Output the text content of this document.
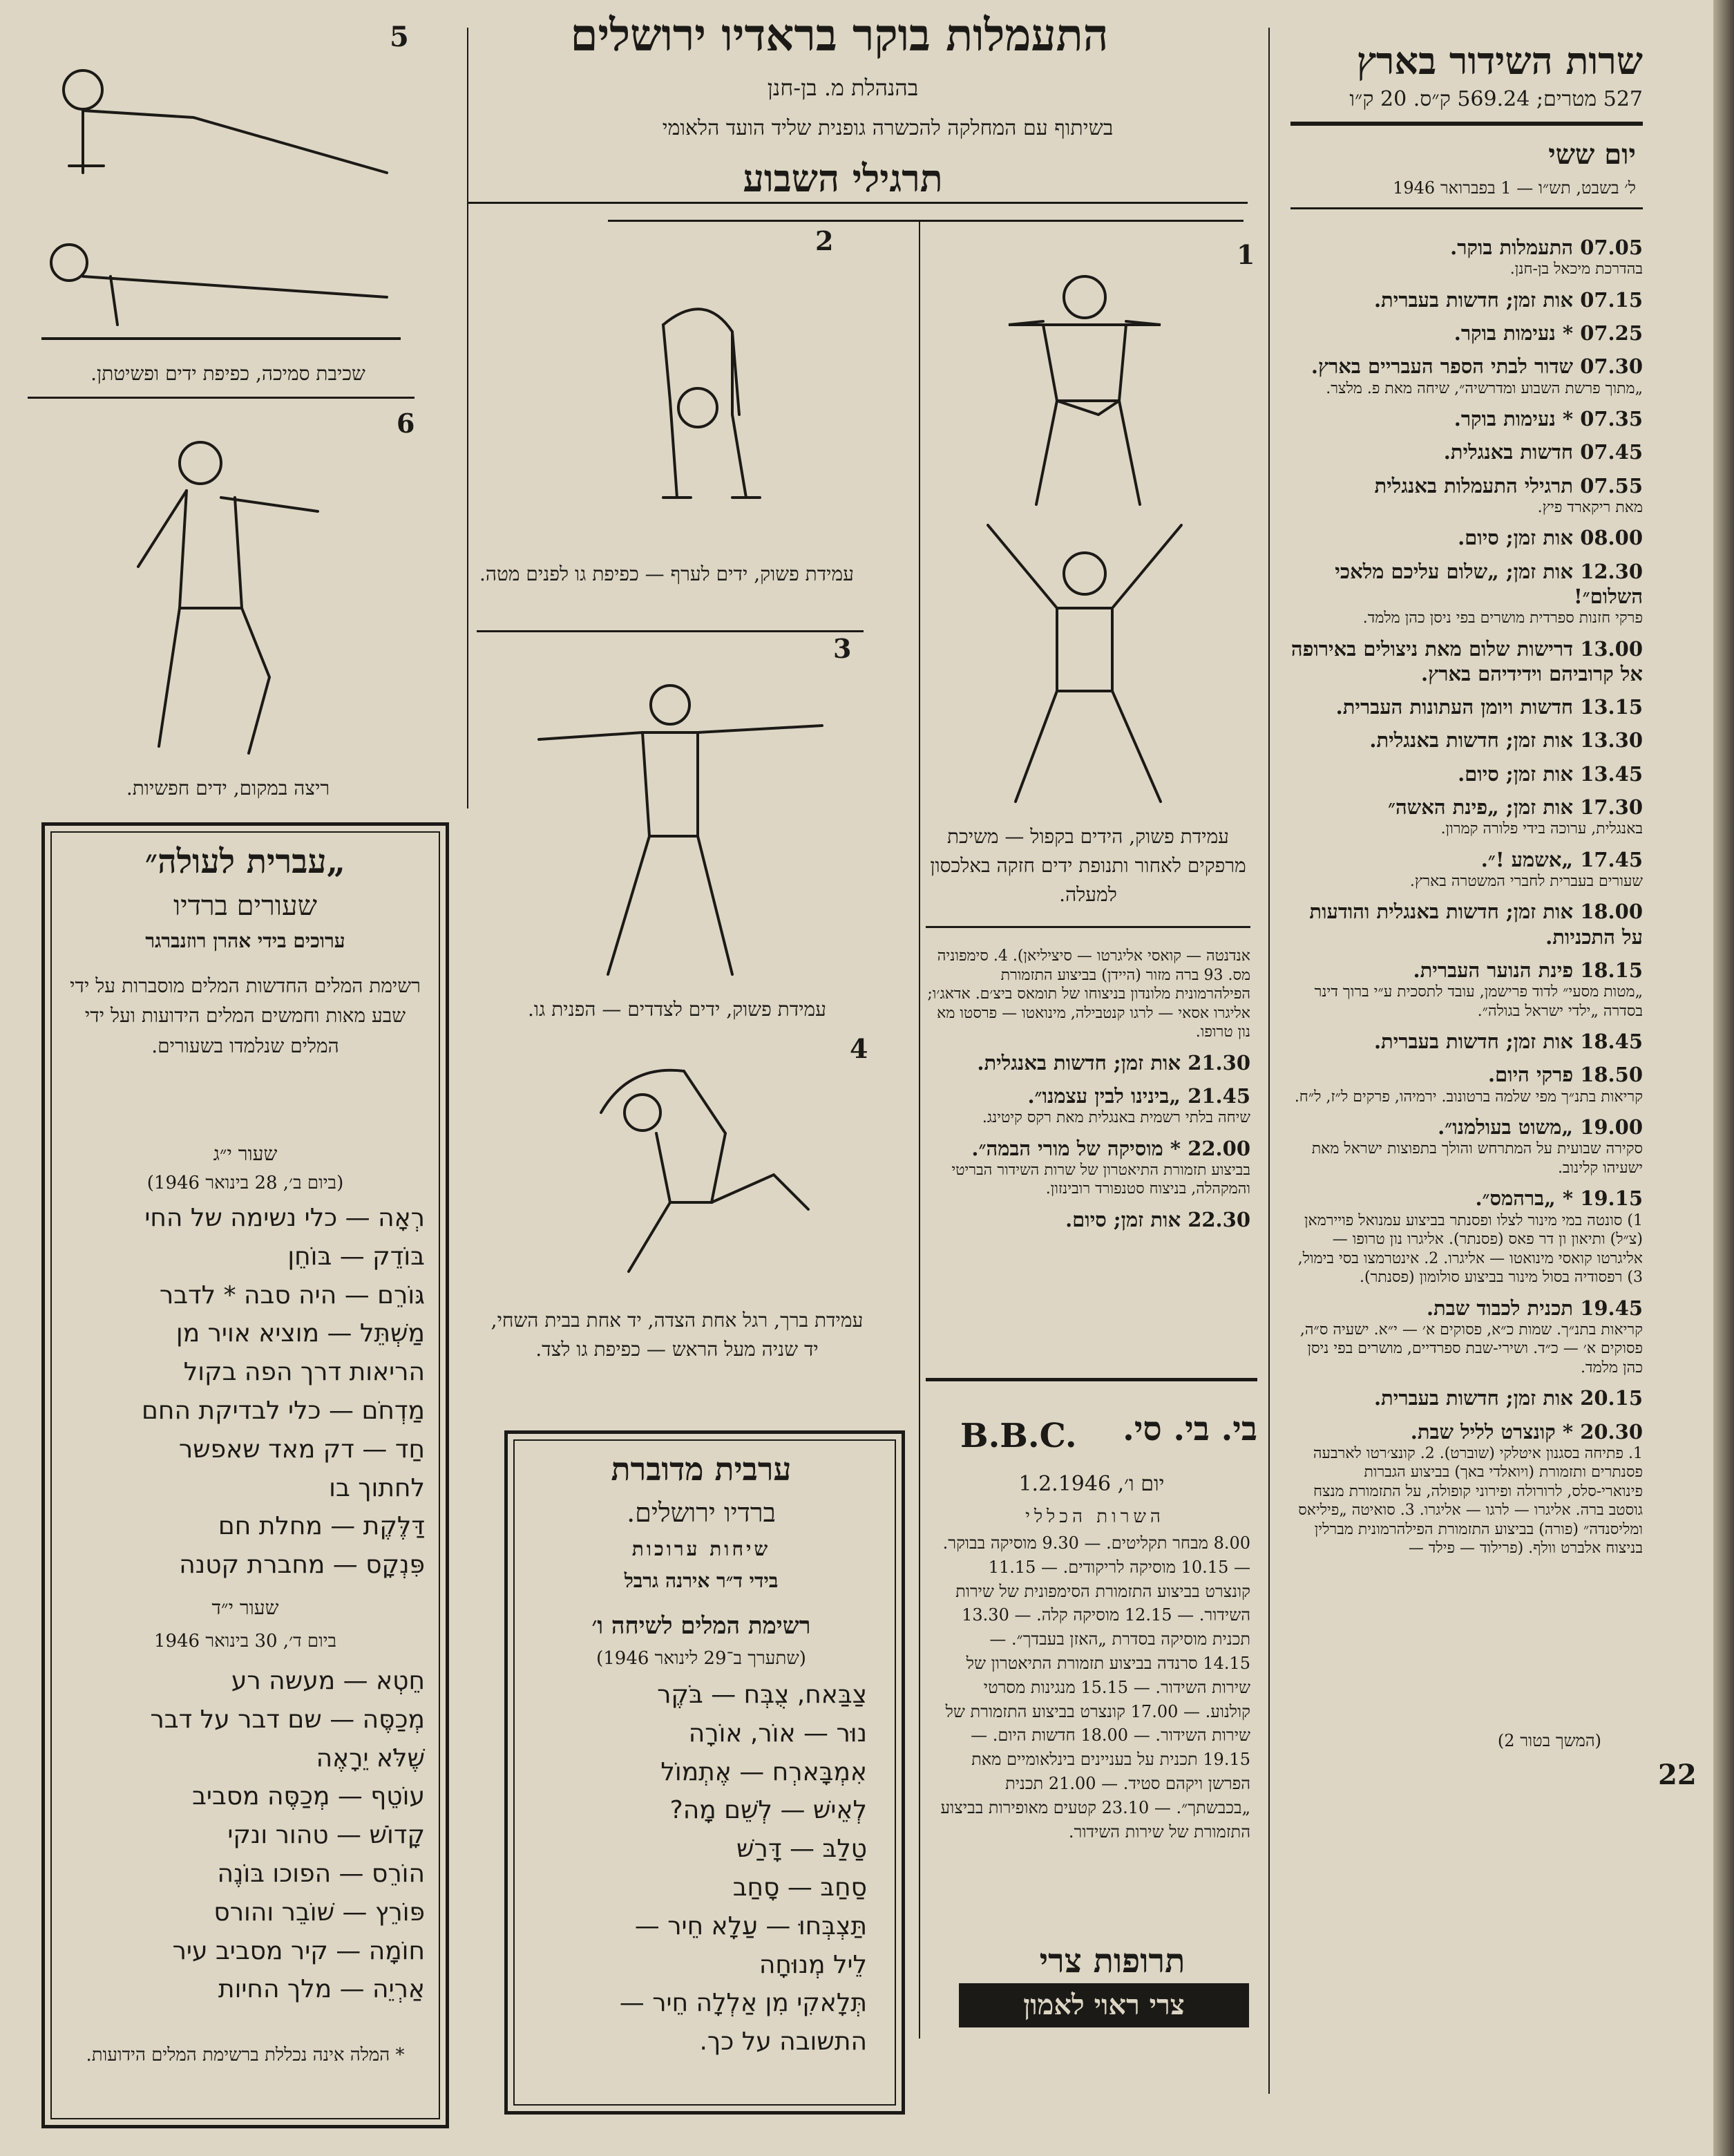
שרות השידור בארץ
527 מטרים; 569.24 ק״ס. 20 ק״ו
יום ששי
ל׳ בשבט, תש״ו — 1 בפברואר 1946
07.05 התעמלות בוקר.
בהדרכת מיכאל בן-חנן.
07.15 אות זמן; חדשות בעברית.
07.25 * נעימות בוקר.
07.30 שדור לבתי הספר העבריים בארץ.
„מתוך פרשת השבוע ומדרשיה״, שיחה מאת פ. מלצר.
07.35 * נעימות בוקר.
07.45 חדשות באנגלית.
07.55 תרגילי התעמלות באנגלית
מאת ריקארד פיץ.
08.00 אות זמן; סיום.
12.30 אות זמן; „שלום עליכם מלאכי השלום״!
פרקי חזנות ספרדית מושרים בפי ניסן כהן מלמד.
13.00 דרישות שלום מאת ניצולים באירופה אל קרוביהם וידידיהם בארץ.
13.15 חדשות ויומן העתונות העברית.
13.30 אות זמן; חדשות באנגלית.
13.45 אות זמן; סיום.
17.30 אות זמן; „פינת האשה״
באנגלית, ערוכה בידי פלורה קמרון.
17.45 „אשמע !״.
שעורים בעברית לחברי המשטרה בארץ.
18.00 אות זמן; חדשות באנגלית והודעות על התכניות.
18.15 פינת הנוער העברית.
„מטות מסעי״ לדוד פרישמן, עובד לתסכית ע״י ברוך דינר בסדרה „ילדי ישראל בגולה״.
18.45 אות זמן; חדשות בעברית.
18.50 פרקי היום.
קריאות בתנ״ך מפי שלמה ברטונוב. ירמיהו, פרקים ל״ז, ל״ח.
19.00 „משוט בעולמנו״.
סקירה שבועית על המתרחש והולך בתפוצות ישראל מאת ישעיהו קלינוב.
19.15 * „ברהמס״.
1) סונטה במי מינור לצלו ופסנתר בביצוע עמנואל פויירמאן (צ״ל) ותיאון ון דר פאס (פסנתר). אליגרו נון טרופו — אליגרטו קואסי מינואטו — אליגרו. 2. אינטרמצו בסי בימול, 3) רפסודיה בסול מינור בביצוע סולומון (פסנתר).
19.45 תכנית לכבוד שבת.
קריאות בתנ״ך. שמות כ״א, פסוקים א׳ — י״א. ישעיה ס״ה, פסוקים א׳ — כ״ד. ושירי-שבת ספרדיים, מושרים בפי ניסן כהן מלמד.
20.15 אות זמן; חדשות בעברית.
20.30 * קונצרט לליל שבת.
1. פתיחה בסגנון איטלקי (שוברט). 2. קונצ׳רטו לארבעה פסנתרים ותזמורת (ויואלדי באך) בביצוע הגברות פינוארי-סלס, לרורולה ופירוני קופולה, על התזמורת מנצח גוסטב ברה. אליגרו — לרגו — אליגרו. 3. סואיטה „פיליאס ומליסנדה״ (פורה) בביצוע התזמורת הפילהרמונית מברלין בניצוח אלברט וולף. (פרילוד — פילד —
(המשך בטור 2)
22
התעמלות בוקר בראדיו ירושלים
בהנהלת מ. בן-חנן
בשיתוף עם המחלקה להכשרה גופנית שליד הועד הלאומי
תרגילי השבוע
5
1
עמידת פשוק, הידים בקפול — משיכת מרפקים לאחור ותנופת ידים חזקה באלכסון למעלה.
2
עמידת פשוק, ידים לערף — כפיפת גו לפנים מטה.
3
עמידת פשוק, ידים לצדדים — הפנית גו.
4
עמידת ברך, רגל אחת הצדה, יד אחת בבית השחי, יד שניה מעל הראש — כפיפת גו לצד.
שכיבת סמיכה, כפיפת ידים ופשיטתן.
6
ריצה במקום, ידים חפשיות.
אנדנטה — קואסי אליגרטו — סיציליאן). 4. סימפוניה מס. 93 ברה מזור (היידן) בביצוע התזמורת הפילהרמונית מלונדון בניצוחו של תומאס ביצ׳ם. אדאג׳ו; אליגרו אסאי — לרגו קנטבילה, מינואטו — פרסטו מא נון טרופו.
21.30 אות זמן; חדשות באנגלית.
21.45 „בינינו לבין עצמנו״.
שיחה בלתי רשמית באנגלית מאת רקס קיטינג.
22.00 * מוסיקה של מורי הבמה״.
בביצוע תזמורת התיאטרון של שרות השידור הבריטי והמקהלה, בניצוח סטנפורד רובינזון.
22.30 אות זמן; סיום.
בי. בי. סי.
B.B.C.
יום ו׳, 1.2.1946
השרות הכללי
8.00 מבחר תקליטים. — 9.30 מוסיקה בבוקר. — 10.15 מוסיקה לריקודים. — 11.15 קונצרט בביצוע התזמורת הסימפונית של שירות השידור. — 12.15 מוסיקה קלה. — 13.30 תכנית מוסיקה בסדרת „האזן בעבדך״. — 14.15 סרנדה בביצוע תזמורת התיאטרון של שירות השידור. — 15.15 מנגינות מסרטי קולנוע. — 17.00 קונצרט בביצוע התזמורת של שירות השידור. — 18.00 חדשות היום. — 19.15 תכנית על בעניינים בינלאומיים מאת הפרשן ויקהם סטיד. — 21.00 תכנית „בכבשתך״. — 23.10 קטעים מאופירות בביצוע התזמורת של שירות השידור.
תרופות צרי
צרי ראוי לאמון
„עברית לעולה״
שעורים ברדיו
ערוכים בידי אהרן רוזנברגר
רשימת המלים החדשות המלים מוסברות על ידי שבע מאות וחמשים המלים הידועות ועל ידי המלים שנלמדו בשעורים.
שעור י״ג
(ביום ב׳, 28 בינואר 1946)
רְאָה — כלי נשימה של החי
בּוֹדֵק — בּוֹחֵן
גּוֹרֵם — היה סבה * לדבר
מַשְׁתֵּל — מוציא אויר מן
הריאות דרך הפה בקול
מַדְחֹם — כלי לבדיקת החם
חַד — דק מאד שאפשר
לחתוך בו
דַּלֶּקֶת — מחלת חם
פִּנְקָס — מחברת קטנה
שעור י״ד
ביום ד׳, 30 בינואר 1946
חֵטְא — מעשה רע
מְכַסֶּה — שם דבר על דבר
שֶׁלֹּא יֵרָאֶה
עוֹטֵף — מְכַסֶּה מסביב
קָדוֹשׁ — טהור ונקי
הוֹרֵס — הפוכו בּוֹנֶה
פּוֹרֵץ — שׁוֹבֵר והורס
חוֹמָה — קיר מסביב עיר
אַרְיֵה — מלך החיות
* המלה אינה נכללת ברשימת המלים הידועות.
ערבית מדוברת
ברדיו ירושלים.
שיחות ערוכות
בידי ד״ר אירנה גרבל
רשימת המלים לשיחה ו׳
(שתערך ב־29 לינואר 1946)
צַבַּאח, צֻבְּח — בֹּקֶר
נוּר — אוֹר, אוֹרָה
אִמְבָּארְח — אֶתְמוֹל
לְאֵישׁ — לְשֵׁם מָה?
טַלַבּ — דָּרַשׁ
סַחַבּ — סָחַב
תַּצְבְּחוּ — עַלָא חֵיר —
לֵיל מְנוּחָה
תְּלָאקִי מִן אַלְלָה חֵיר —
התשובה על כך.
